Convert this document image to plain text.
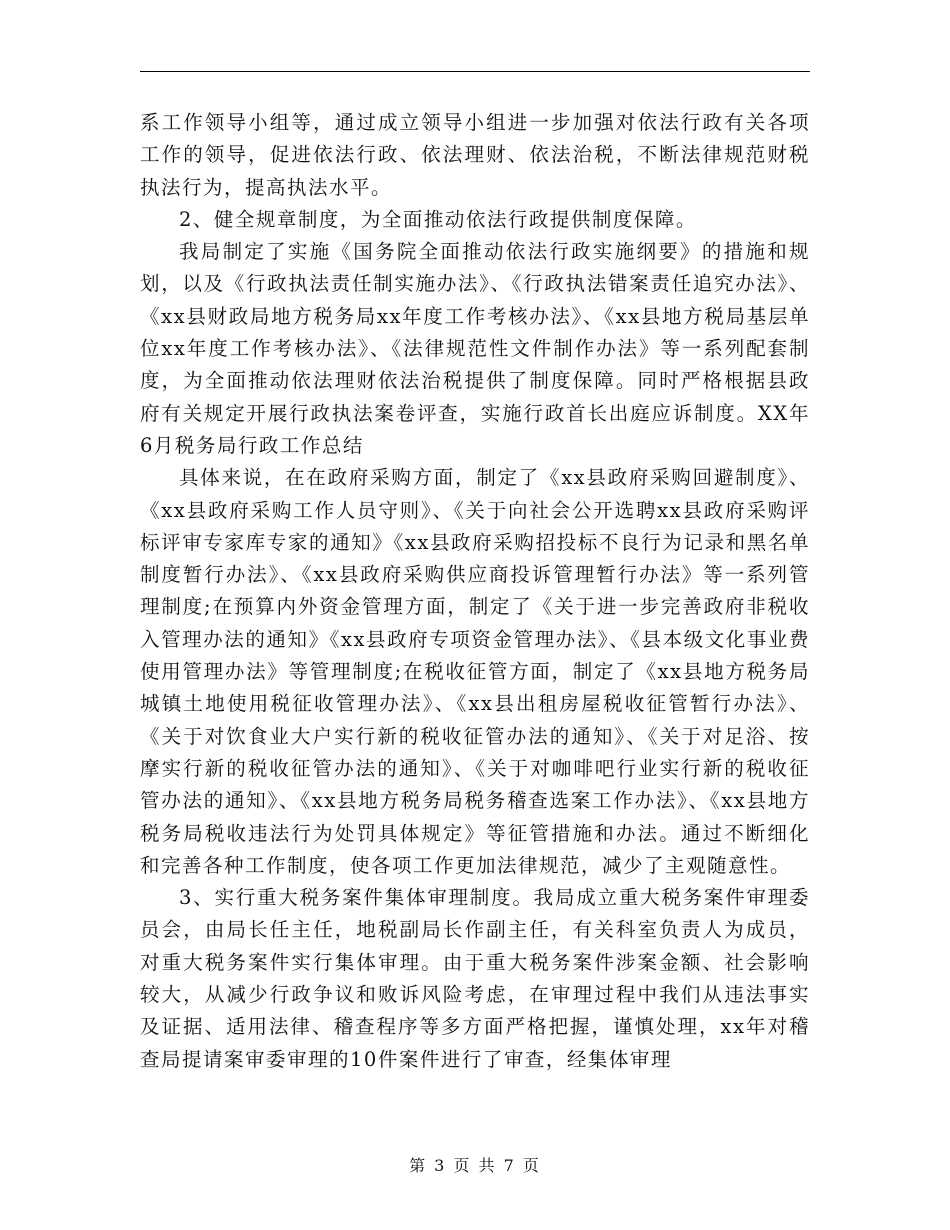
系工作领导小组等，通过成立领导小组进一步加强对依法行政有关各项工作的领导，促进依法行政、依法理财、依法治税，不断法律规范财税执法行为，提高执法水平。

2、健全规章制度，为全面推动依法行政提供制度保障。

我局制定了实施《国务院全面推动依法行政实施纲要》的措施和规划，以及《行政执法责任制实施办法》、《行政执法错案责任追究办法》、《xx县财政局地方税务局xx年度工作考核办法》、《xx县地方税局基层单位xx年度工作考核办法》、《法律规范性文件制作办法》等一系列配套制度，为全面推动依法理财依法治税提供了制度保障。同时严格根据县政府有关规定开展行政执法案卷评查，实施行政首长出庭应诉制度。XX年6月税务局行政工作总结

具体来说，在在政府采购方面，制定了《xx县政府采购回避制度》、《xx县政府采购工作人员守则》、《关于向社会公开选聘xx县政府采购评标评审专家库专家的通知》《xx县政府采购招投标不良行为记录和黑名单制度暂行办法》、《xx县政府采购供应商投诉管理暂行办法》等一系列管理制度;在预算内外资金管理方面，制定了《关于进一步完善政府非税收入管理办法的通知》《xx县政府专项资金管理办法》、《县本级文化事业费使用管理办法》等管理制度;在税收征管方面，制定了《xx县地方税务局城镇土地使用税征收管理办法》、《xx县出租房屋税收征管暂行办法》、《关于对饮食业大户实行新的税收征管办法的通知》、《关于对足浴、按摩实行新的税收征管办法的通知》、《关于对咖啡吧行业实行新的税收征管办法的通知》、《xx县地方税务局税务稽查选案工作办法》、《xx县地方税务局税收违法行为处罚具体规定》等征管措施和办法。通过不断细化和完善各种工作制度，使各项工作更加法律规范，减少了主观随意性。

3、实行重大税务案件集体审理制度。我局成立重大税务案件审理委员会，由局长任主任，地税副局长作副主任，有关科室负责人为成员，对重大税务案件实行集体审理。由于重大税务案件涉案金额、社会影响较大，从减少行政争议和败诉风险考虑，在审理过程中我们从违法事实及证据、适用法律、稽查程序等多方面严格把握，谨慎处理，xx年对稽查局提请案审委审理的10件案件进行了审查，经集体审理

第 3 页 共 7 页
